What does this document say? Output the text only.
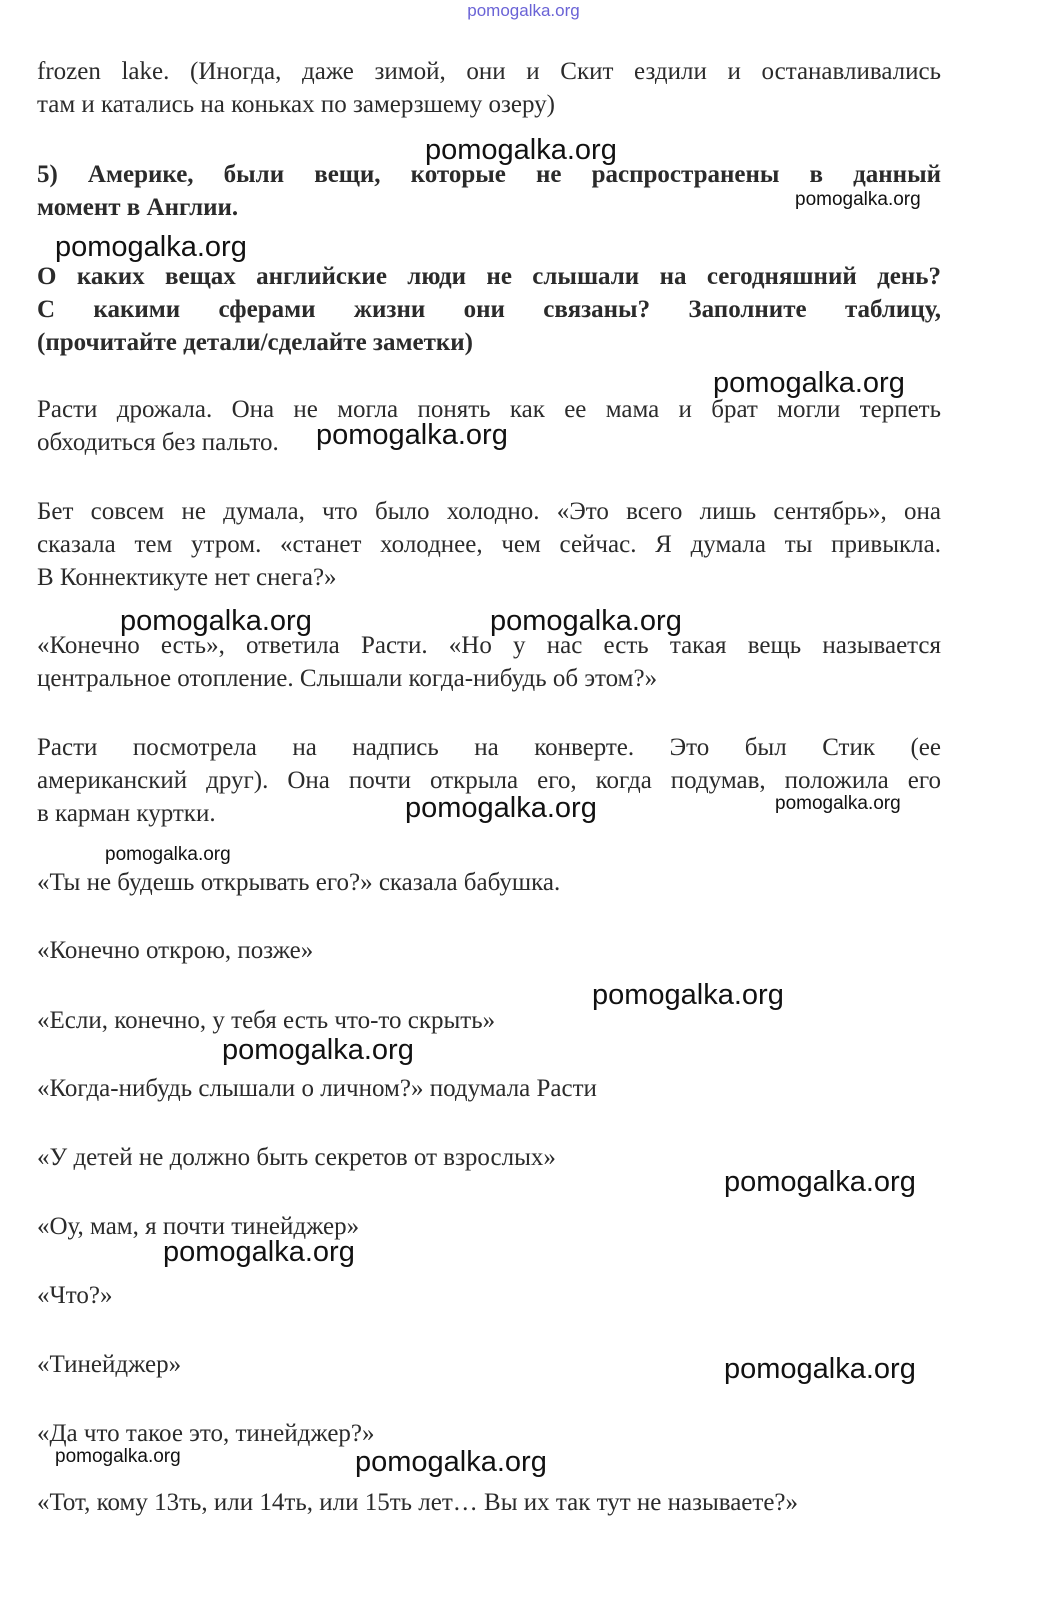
pomogalka.org
frozen lake. (Иногда, даже зимой, они и Скит ездили и останавливались
там и катались на коньках по замерзшему озеру)
5) Америке, были вещи, которые не распространены в данный
момент в Англии.
О каких вещах английские люди не слышали на сегодняшний день?
С какими сферами жизни они связаны? Заполните таблицу,
(прочитайте детали/сделайте заметки)
Расти дрожала. Она не могла понять как ее мама и брат могли терпеть
обходиться без пальто.
Бет совсем не думала, что было холодно. «Это всего лишь сентябрь», она
сказала тем утром. «станет холоднее, чем сейчас. Я думала ты привыкла.
В Коннектикуте нет снега?»
«Конечно есть», ответила Расти. «Но у нас есть такая вещь называется
центральное отопление. Слышали когда-нибудь об этом?»
Расти посмотрела на надпись на конверте. Это был Стик (ее
американский друг). Она почти открыла его, когда подумав, положила его
в карман куртки.
«Ты не будешь открывать его?» сказала бабушка.
«Конечно открою, позже»
«Если, конечно, у тебя есть что-то скрыть»
«Когда-нибудь слышали о личном?» подумала Расти
«У детей не должно быть секретов от взрослых»
«Оу, мам, я почти тинейджер»
«Что?»
«Тинейджер»
«Да что такое это, тинейджер?»
«Тот, кому 13ть, или 14ть, или 15ть лет… Вы их так тут не называете?»
pomogalka.org
pomogalka.org
pomogalka.org
pomogalka.org
pomogalka.org
pomogalka.org	pomogalka.org
pomogalka.org	pomogalka.org
pomogalka.org
pomogalka.org
pomogalka.org
pomogalka.org
pomogalka.org
pomogalka.org
pomogalka.org	pomogalka.org
